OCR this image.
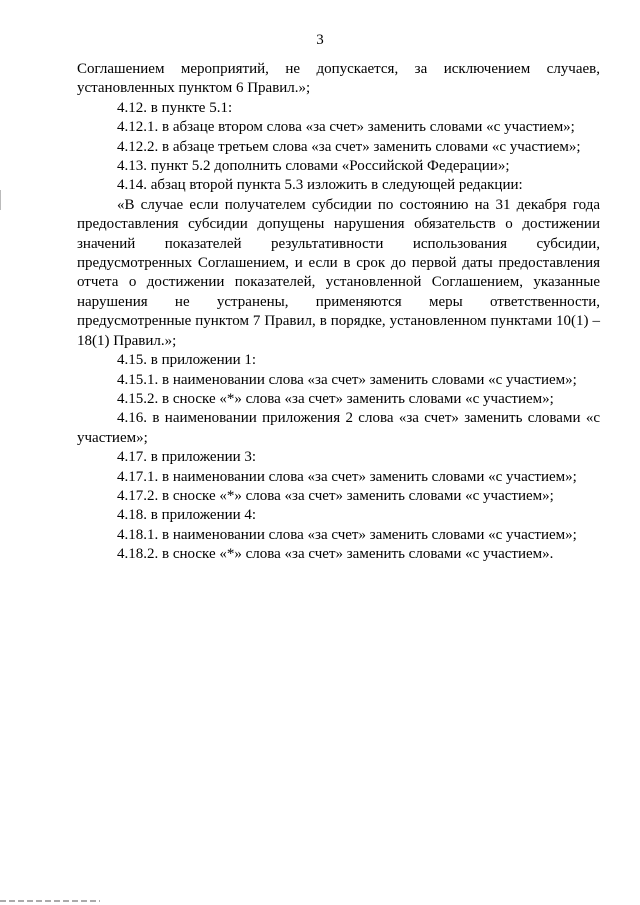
3

Соглашением мероприятий, не допускается, за исключением случаев, установленных пунктом 6 Правил.»;

4.12. в пункте 5.1:

4.12.1. в абзаце втором слова «за счет» заменить словами «с участием»;

4.12.2. в абзаце третьем слова «за счет» заменить словами «с участием»;

4.13. пункт 5.2 дополнить словами «Российской Федерации»;

4.14. абзац второй пункта 5.3 изложить в следующей редакции:

«В случае если получателем субсидии по состоянию на 31 декабря года предоставления субсидии допущены нарушения обязательств о достижении значений показателей результативности использования субсидии, предусмотренных Соглашением, и если в срок до первой даты предоставления отчета о достижении показателей, установленной Соглашением, указанные нарушения не устранены, применяются меры ответственности, предусмотренные пунктом 7 Правил, в порядке, установленном пунктами 10(1) – 18(1) Правил.»;

4.15. в приложении 1:

4.15.1. в наименовании слова «за счет» заменить словами «с участием»;

4.15.2. в сноске «*» слова «за счет» заменить словами «с участием»;

4.16. в наименовании приложения 2 слова «за счет» заменить словами «с участием»;

4.17. в приложении 3:

4.17.1. в наименовании слова «за счет» заменить словами «с участием»;

4.17.2. в сноске «*» слова «за счет» заменить словами «с участием»;

4.18. в приложении 4:

4.18.1. в наименовании слова «за счет» заменить словами «с участием»;

4.18.2. в сноске «*» слова «за счет» заменить словами «с участием».
